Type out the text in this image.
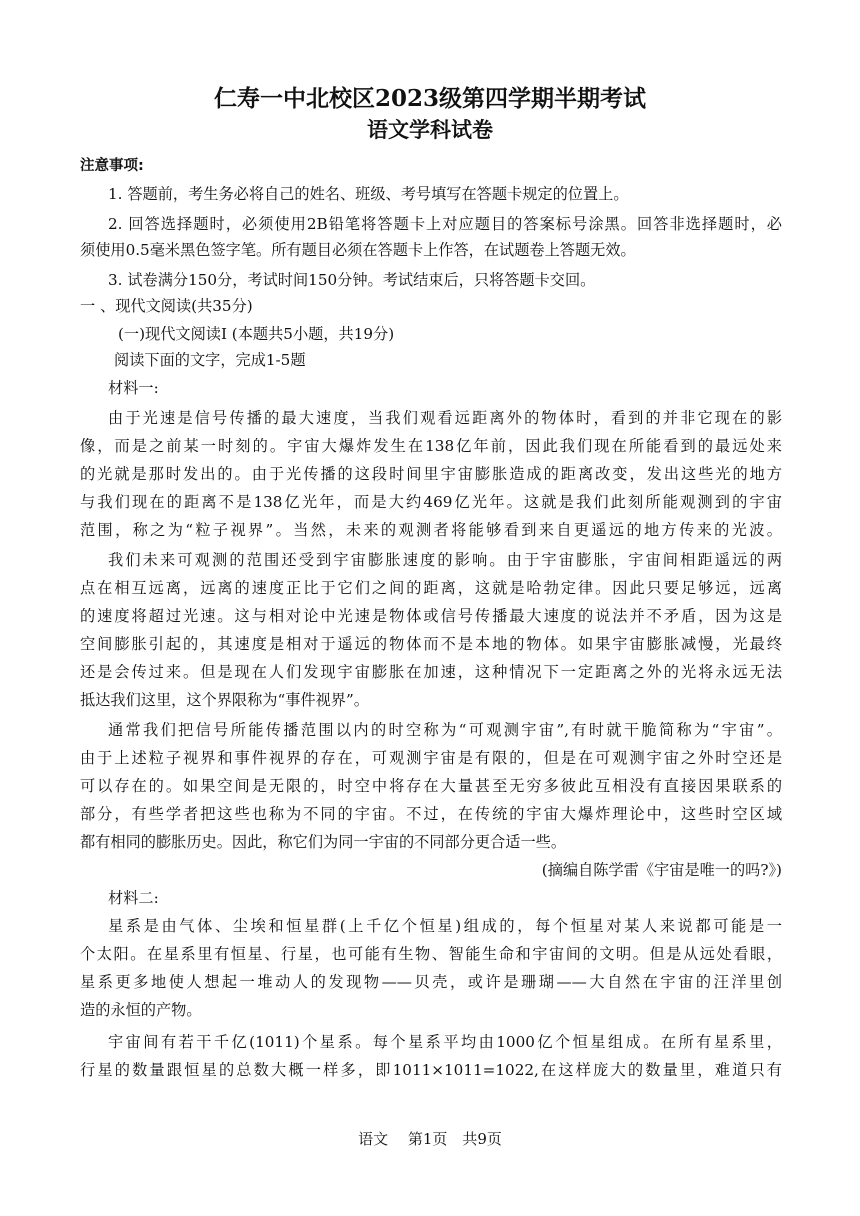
仁寿一中北校区2023级第四学期半期考试
语文学科试卷
注意事项:
1. 答题前，考生务必将自己的姓名、班级、考号填写在答题卡规定的位置上。
2. 回答选择题时，必须使用2B铅笔将答题卡上对应题目的答案标号涂黑。回答非选择题时，必
须使用0.5毫米黑色签字笔。所有题目必须在答题卡上作答，在试题卷上答题无效。
3. 试卷满分150分，考试时间150分钟。考试结束后，只将答题卡交回。
一 、现代文阅读(共35分)
(一)现代文阅读Ⅰ (本题共5小题，共19分)
阅读下面的文字，完成1-5题
材料一:
由于光速是信号传播的最大速度，当我们观看远距离外的物体时，看到的并非它现在的影
像，而是之前某一时刻的。宇宙大爆炸发生在138亿年前，因此我们现在所能看到的最远处来
的光就是那时发出的。由于光传播的这段时间里宇宙膨胀造成的距离改变，发出这些光的地方
与我们现在的距离不是138亿光年，而是大约469亿光年。这就是我们此刻所能观测到的宇宙
范围，称之为“粒子视界”。当然，未来的观测者将能够看到来自更遥远的地方传来的光波。
我们未来可观测的范围还受到宇宙膨胀速度的影响。由于宇宙膨胀，宇宙间相距遥远的两
点在相互远离，远离的速度正比于它们之间的距离，这就是哈勃定律。因此只要足够远，远离
的速度将超过光速。这与相对论中光速是物体或信号传播最大速度的说法并不矛盾，因为这是
空间膨胀引起的，其速度是相对于遥远的物体而不是本地的物体。如果宇宙膨胀减慢，光最终
还是会传过来。但是现在人们发现宇宙膨胀在加速，这种情况下一定距离之外的光将永远无法
抵达我们这里，这个界限称为“事件视界”。
通常我们把信号所能传播范围以内的时空称为“可观测宇宙”,有时就干脆简称为“宇宙”。
由于上述粒子视界和事件视界的存在，可观测宇宙是有限的，但是在可观测宇宙之外时空还是
可以存在的。如果空间是无限的，时空中将存在大量甚至无穷多彼此互相没有直接因果联系的
部分，有些学者把这些也称为不同的宇宙。不过，在传统的宇宙大爆炸理论中，这些时空区域
都有相同的膨胀历史。因此，称它们为同一宇宙的不同部分更合适一些。
(摘编自陈学雷《宇宙是唯一的吗?》)
材料二:
星系是由气体、尘埃和恒星群(上千亿个恒星)组成的，每个恒星对某人来说都可能是一
个太阳。在星系里有恒星、行星，也可能有生物、智能生命和宇宙间的文明。但是从远处看眼，
星系更多地使人想起一堆动人的发现物——贝壳，或许是珊瑚——大自然在宇宙的汪洋里创
造的永恒的产物。
宇宙间有若干千亿(1011)个星系。每个星系平均由1000亿个恒星组成。在所有星系里，
行星的数量跟恒星的总数大概一样多，即1011×1011=1022,在这样庞大的数量里，难道只有
语文　 第1页　共9页
